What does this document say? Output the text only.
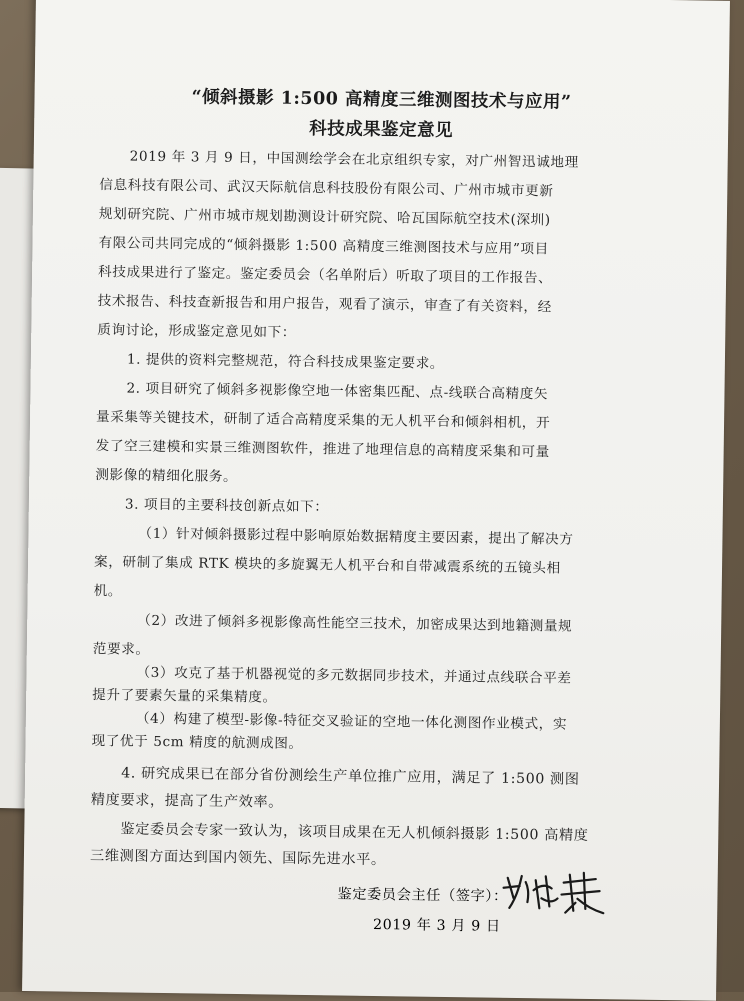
“倾斜摄影 1:500 高精度三维测图技术与应用”
科技成果鉴定意见
2019 年 3 月 9 日，中国测绘学会在北京组织专家，对广州智迅诚地理
信息科技有限公司、武汉天际航信息科技股份有限公司、广州市城市更新
规划研究院、广州市城市规划勘测设计研究院、哈瓦国际航空技术(深圳)
有限公司共同完成的“倾斜摄影 1:500 高精度三维测图技术与应用”项目
科技成果进行了鉴定。鉴定委员会（名单附后）听取了项目的工作报告、
技术报告、科技查新报告和用户报告，观看了演示，审查了有关资料，经
质询讨论，形成鉴定意见如下：
1. 提供的资料完整规范，符合科技成果鉴定要求。
2. 项目研究了倾斜多视影像空地一体密集匹配、点-线联合高精度矢
量采集等关键技术，研制了适合高精度采集的无人机平台和倾斜相机，开
发了空三建模和实景三维测图软件，推进了地理信息的高精度采集和可量
测影像的精细化服务。
3. 项目的主要科技创新点如下：
（1）针对倾斜摄影过程中影响原始数据精度主要因素，提出了解决方
案，研制了集成 RTK 模块的多旋翼无人机平台和自带减震系统的五镜头相
机。
（2）改进了倾斜多视影像高性能空三技术，加密成果达到地籍测量规
范要求。
（3）攻克了基于机器视觉的多元数据同步技术，并通过点线联合平差
提升了要素矢量的采集精度。
（4）构建了模型-影像-特征交叉验证的空地一体化测图作业模式，实
现了优于 5cm 精度的航测成图。
4. 研究成果已在部分省份测绘生产单位推广应用，满足了 1:500 测图
精度要求，提高了生产效率。
鉴定委员会专家一致认为，该项目成果在无人机倾斜摄影 1:500 高精度
三维测图方面达到国内领先、国际先进水平。
鉴定委员会主任（签字）：
2019 年 3 月 9 日
